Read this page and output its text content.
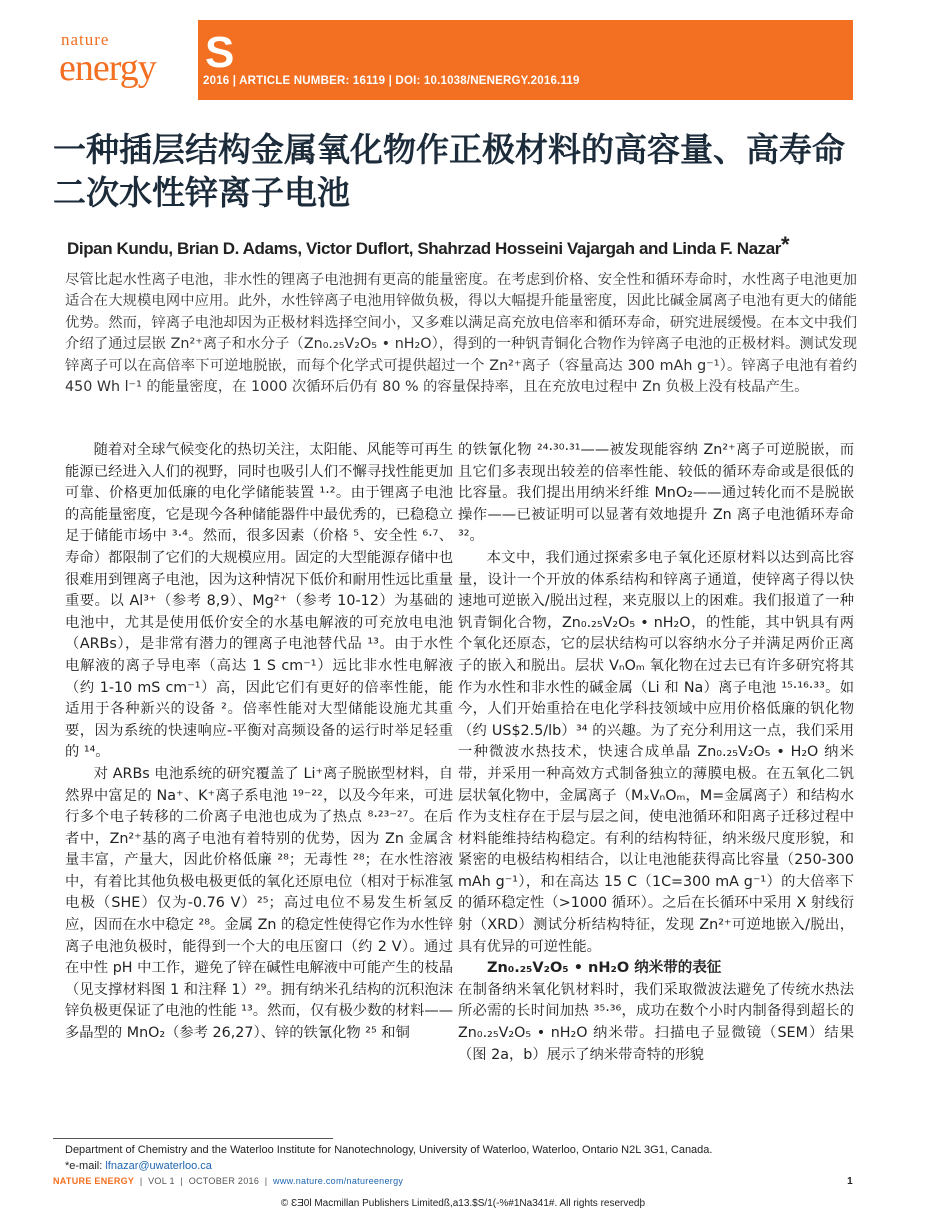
nature
energy S
2016 | ARTICLE NUMBER: 16119 | DOI: 10.1038/NENERGY.2016.119
一种插层结构金属氧化物作正极材料的高容量、高寿命二次水性锌离子电池
Dipan Kundu, Brian D. Adams, Victor Duflort, Shahrzad Hosseini Vajargah and Linda F. Nazar*
尽管比起水性离子电池，非水性的锂离子电池拥有更高的能量密度。在考虑到价格、安全性和循环寿命时，水性离子电池更加适合在大规模电网中应用。此外，水性锌离子电池用锌做负极，得以大幅提升能量密度，因此比碱金属离子电池有更大的储能优势。然而，锌离子电池却因为正极材料选择空间小，又多难以满足高充放电倍率和循环寿命，研究进展缓慢。在本文中我们介绍了通过层嵌 Zn²⁺离子和水分子（Zn₀.₂₅V₂O₅ • nH₂O），得到的一种钒青铜化合物作为锌离子电池的正极材料。测试发现锌离子可以在高倍率下可逆地脱嵌，而每个化学式可提供超过一个 Zn²⁺离子（容量高达 300 mAh g⁻¹）。锌离子电池有着约 450 Wh l⁻¹ 的能量密度，在 1000 次循环后仍有 80 % 的容量保持率，且在充放电过程中 Zn 负极上没有枝晶产生。

随着对全球气候变化的热切关注，太阳能、风能等可再生能源已经进入人们的视野，同时也吸引人们不懈寻找性能更加可靠、价格更加低廉的电化学储能装置 ¹·²。由于锂离子电池的高能量密度，它是现今各种储能器件中最优秀的，已稳稳立足于储能市场中 ³·⁴。然而，很多因素（价格 ⁵、安全性 ⁶·⁷、寿命）都限制了它们的大规模应用。固定的大型能源存储中也很难用到锂离子电池，因为这种情况下低价和耐用性远比重量重要。以 Al³⁺（参考 8,9）、Mg²⁺（参考 10-12）为基础的电池中，尤其是使用低价安全的水基电解液的可充放电电池（ARBs），是非常有潜力的锂离子电池替代品 ¹³。由于水性电解液的离子导电率（高达 1 S cm⁻¹）远比非水性电解液（约 1-10 mS cm⁻¹）高，因此它们有更好的倍率性能，能适用于各种新兴的设备 ²。倍率性能对大型储能设施尤其重要，因为系统的快速响应-平衡对高频设备的运行时举足轻重的 ¹⁴。

对 ARBs 电池系统的研究覆盖了 Li⁺离子脱嵌型材料，自然界中富足的 Na⁺、K⁺离子系电池 ¹⁹⁻²²，以及今年来，可进行多个电子转移的二价离子电池也成为了热点 ⁸·²³⁻²⁷。在后者中，Zn²⁺基的离子电池有着特别的优势，因为 Zn 金属含量丰富，产量大，因此价格低廉 ²⁸；无毒性 ²⁸；在水性溶液中，有着比其他负极电极更低的氧化还原电位（相对于标准氢电极（SHE）仅为-0.76 V）²⁵；高过电位不易发生析氢反应，因而在水中稳定 ²⁸。金属 Zn 的稳定性使得它作为水性锌离子电池负极时，能得到一个大的电压窗口（约 2 V）。通过在中性 pH 中工作，避免了锌在碱性电解液中可能产生的枝晶（见支撑材料图 1 和注释 1）²⁹。拥有纳米孔结构的沉积泡沫锌负极更保证了电池的性能 ¹³。然而，仅有极少数的材料——多晶型的 MnO₂（参考 26,27）、锌的铁氰化物 ²⁵ 和铜

的铁氰化物 ²⁴·³⁰·³¹——被发现能容纳 Zn²⁺离子可逆脱嵌，而且它们多表现出较差的倍率性能、较低的循环寿命或是很低的比容量。我们提出用纳米纤维 MnO₂——通过转化而不是脱嵌操作——已被证明可以显著有效地提升 Zn 离子电池循环寿命 ³²。

本文中，我们通过探索多电子氧化还原材料以达到高比容量，设计一个开放的体系结构和锌离子通道，使锌离子得以快速地可逆嵌入/脱出过程，来克服以上的困难。我们报道了一种钒青铜化合物，Zn₀.₂₅V₂O₅ • nH₂O，的性能，其中钒具有两个氧化还原态，它的层状结构可以容纳水分子并满足两价正离子的嵌入和脱出。层状 VₙOₘ 氧化物在过去已有许多研究将其作为水性和非水性的碱金属（Li 和 Na）离子电池 ¹⁵·¹⁶·³³。如今，人们开始重拾在电化学科技领域中应用价格低廉的钒化物（约 US$2.5/lb）³⁴ 的兴趣。为了充分利用这一点，我们采用一种微波水热技术，快速合成单晶 Zn₀.₂₅V₂O₅ • H₂O 纳米带，并采用一种高效方式制备独立的薄膜电极。在五氧化二钒层状氧化物中，金属离子（MₓVₙOₘ，M=金属离子）和结构水作为支柱存在于层与层之间，使电池循环和阳离子迁移过程中材料能维持结构稳定。有利的结构特征，纳米级尺度形貌，和紧密的电极结构相结合，以让电池能获得高比容量（250-300 mAh g⁻¹），和在高达 15 C（1C=300 mA g⁻¹）的大倍率下的循环稳定性（>1000 循环）。之后在长循环中采用 X 射线衍射（XRD）测试分析结构特征，发现 Zn²⁺可逆地嵌入/脱出，具有优异的可逆性能。

Zn₀.₂₅V₂O₅ • nH₂O 纳米带的表征

在制备纳米氧化钒材料时，我们采取微波法避免了传统水热法所必需的长时间加热 ³⁵·³⁶，成功在数个小时内制备得到超长的 Zn₀.₂₅V₂O₅ • nH₂O 纳米带。扫描电子显微镜（SEM）结果（图 2a，b）展示了纳米带奇特的形貌

Department of Chemistry and the Waterloo Institute for Nanotechnology, University of Waterloo, Waterloo, Ontario N2L 3G1, Canada.
*e-mail: lfnazar@uwaterloo.ca
NATURE ENERGY  |  VOL 1  |  OCTOBER 2016  |  www.nature.com/natureenergy	1
© ƐƎ0l Macmillan Publishers Limitedß,a13.$S/1(-%#1Na341#. All rights reservedþ
